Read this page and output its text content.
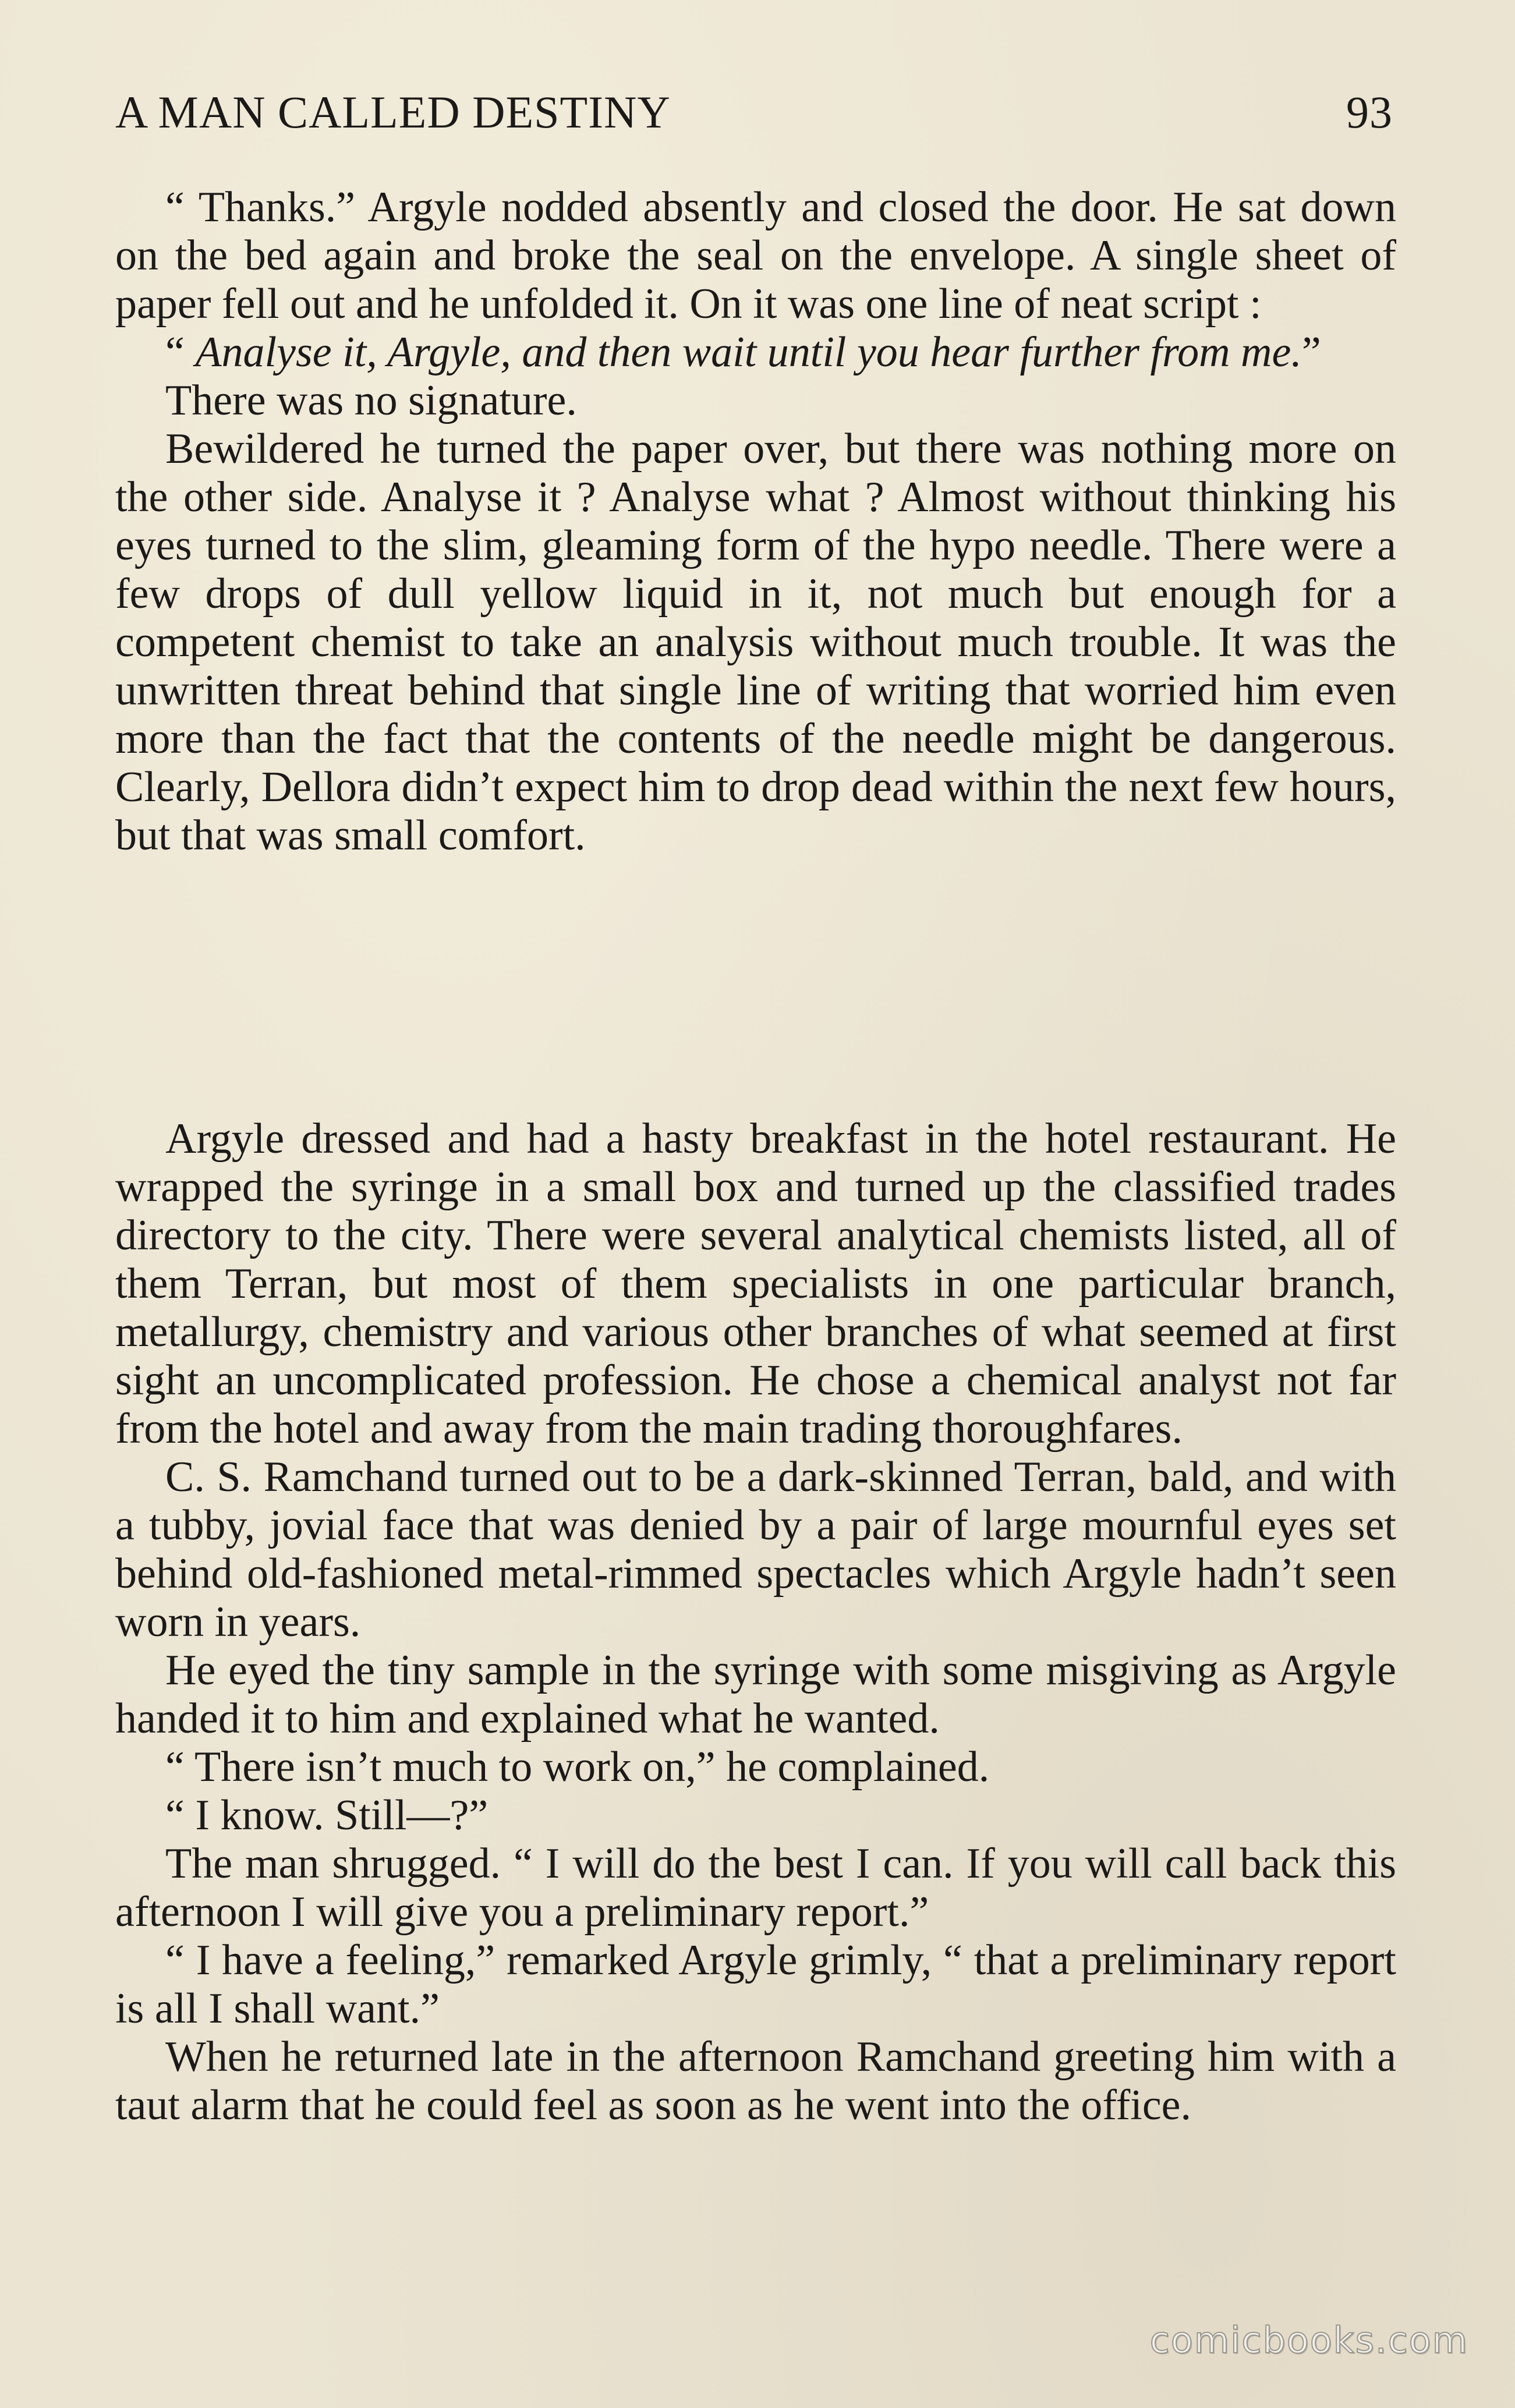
A MAN CALLED DESTINY	93

“ Thanks.” Argyle nodded absently and closed the door. He sat down on the bed again and broke the seal on the envelope. A single sheet of paper fell out and he unfolded it. On it was one line of neat script :

“ Analyse it, Argyle, and then wait until you hear further from me.”

There was no signature.

Bewildered he turned the paper over, but there was nothing more on the other side. Analyse it ? Analyse what ? Almost without thinking his eyes turned to the slim, gleaming form of the hypo needle. There were a few drops of dull yellow liquid in it, not much but enough for a competent chemist to take an analysis without much trouble. It was the unwritten threat behind that single line of writing that worried him even more than the fact that the contents of the needle might be dangerous. Clearly, Dellora didn’t expect him to drop dead within the next few hours, but that was small comfort.

Argyle dressed and had a hasty breakfast in the hotel restaurant. He wrapped the syringe in a small box and turned up the classified trades directory to the city. There were several analytical chemists listed, all of them Terran, but most of them specialists in one particular branch, metallurgy, chemistry and various other branches of what seemed at first sight an uncomplicated profession. He chose a chemical analyst not far from the hotel and away from the main trading thoroughfares.

C. S. Ramchand turned out to be a dark-skinned Terran, bald, and with a tubby, jovial face that was denied by a pair of large mournful eyes set behind old-fashioned metal-rimmed spectacles which Argyle hadn’t seen worn in years.

He eyed the tiny sample in the syringe with some misgiving as Argyle handed it to him and explained what he wanted.

“ There isn’t much to work on,” he complained.

“ I know. Still—?”

The man shrugged. “ I will do the best I can. If you will call back this afternoon I will give you a preliminary report.”

“ I have a feeling,” remarked Argyle grimly, “ that a preliminary report is all I shall want.”

When he returned late in the afternoon Ramchand greeting him with a taut alarm that he could feel as soon as he went into the office.

comicbooks.com
